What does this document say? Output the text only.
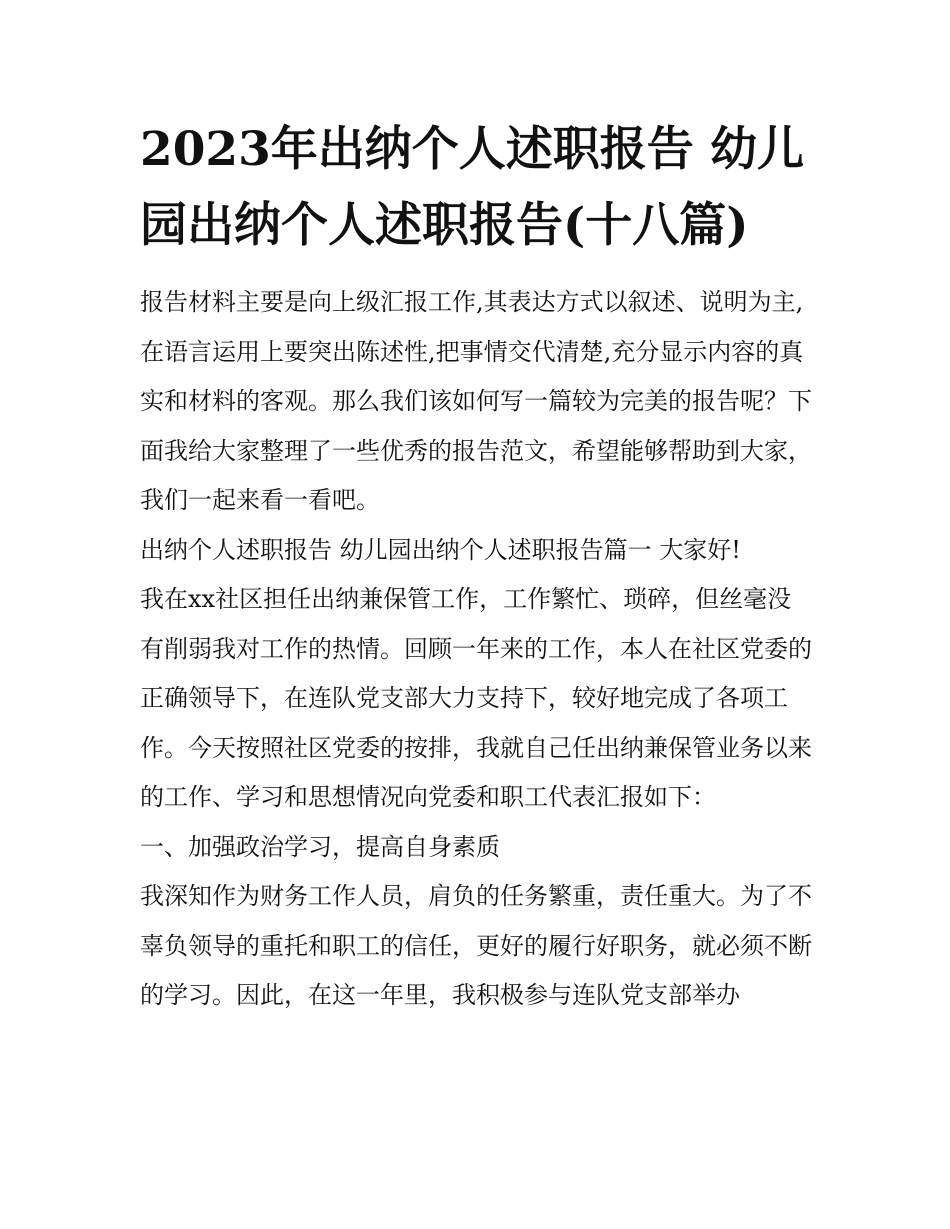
2023年出纳个人述职报告 幼儿园出纳个人述职报告(十八篇)

报告材料主要是向上级汇报工作,其表达方式以叙述、说明为主,在语言运用上要突出陈述性,把事情交代清楚,充分显示内容的真实和材料的客观。那么我们该如何写一篇较为完美的报告呢？下面我给大家整理了一些优秀的报告范文，希望能够帮助到大家，我们一起来看一看吧。

出纳个人述职报告 幼儿园出纳个人述职报告篇一 大家好!

我在xx社区担任出纳兼保管工作，工作繁忙、琐碎，但丝毫没有削弱我对工作的热情。回顾一年来的工作，本人在社区党委的正确领导下，在连队党支部大力支持下，较好地完成了各项工作。今天按照社区党委的按排，我就自己任出纳兼保管业务以来的工作、学习和思想情况向党委和职工代表汇报如下：

一、加强政治学习，提高自身素质

我深知作为财务工作人员，肩负的任务繁重，责任重大。为了不辜负领导的重托和职工的信任，更好的履行好职务，就必须不断的学习。因此，在这一年里，我积极参与连队党支部举办
